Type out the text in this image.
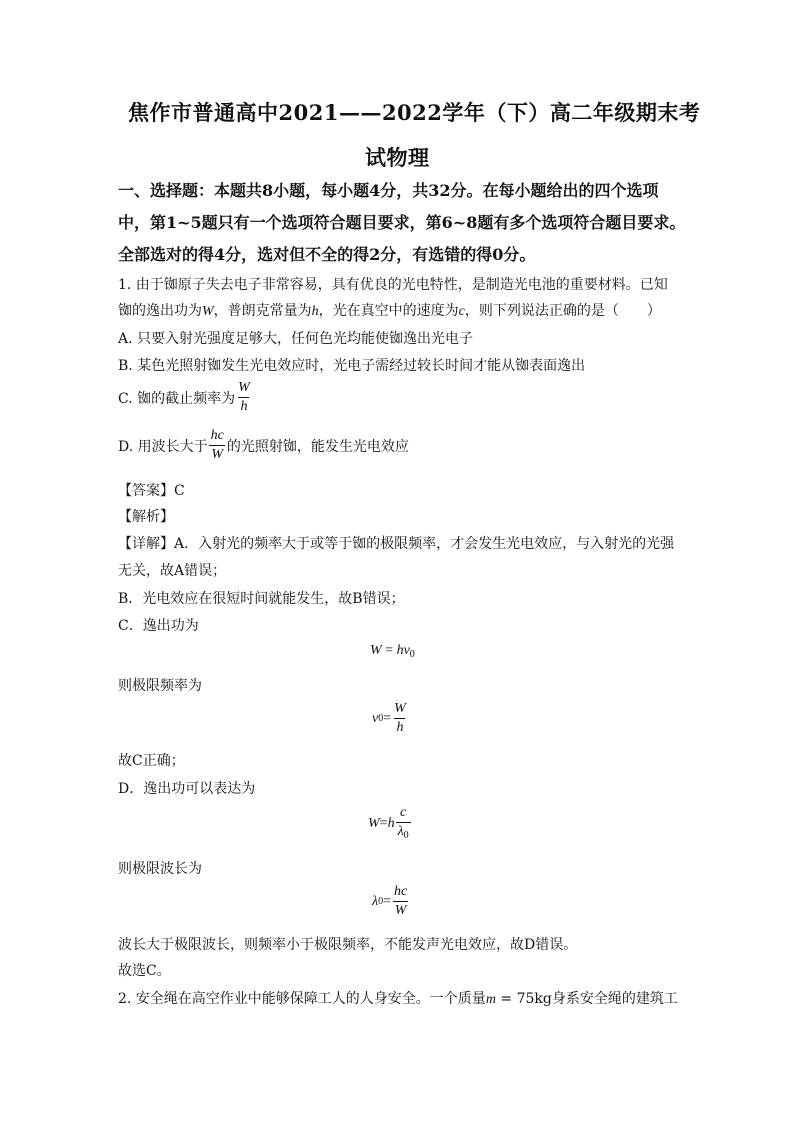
焦作市普通高中2021——2022学年（下）高二年级期末考
试物理
一、选择题：本题共8小题，每小题4分，共32分。在每小题给出的四个选项
中，第1~5题只有一个选项符合题目要求，第6~8题有多个选项符合题目要求。
全部选对的得4分，选对但不全的得2分，有选错的得0分。
1. 由于铷原子失去电子非常容易，具有优良的光电特性，是制造光电池的重要材料。已知
铷的逸出功为W，普朗克常量为h，光在真空中的速度为c，则下列说法正确的是（　　）
A. 只要入射光强度足够大，任何色光均能使铷逸出光电子
B. 某色光照射铷发生光电效应时，光电子需经过较长时间才能从铷表面逸出
C. 铷的截止频率为 $\frac{W}{h}$
D. 用波长大于 $\frac{hc}{W}$ 的光照射铷，能发生光电效应
【答案】C
【解析】
【详解】A．入射光的频率大于或等于铷的极限频率，才会发生光电效应，与入射光的光强
无关，故A错误；
B．光电效应在很短时间就能发生，故B错误；
C．逸出功为
$W = h\nu_0$
则极限频率为
ν $0 = \frac{W}{h}$
故C正确；
D．逸出功可以表达为
W = h $\frac{c}{\lambda_0}$
则极限波长为
λ $0 = \frac{hc}{W}$
波长大于极限波长，则频率小于极限频率，不能发声光电效应，故D错误。
故选C。
2. 安全绳在高空作业中能够保障工人的人身安全。一个质量m = 75kg身系安全绳的建筑工
